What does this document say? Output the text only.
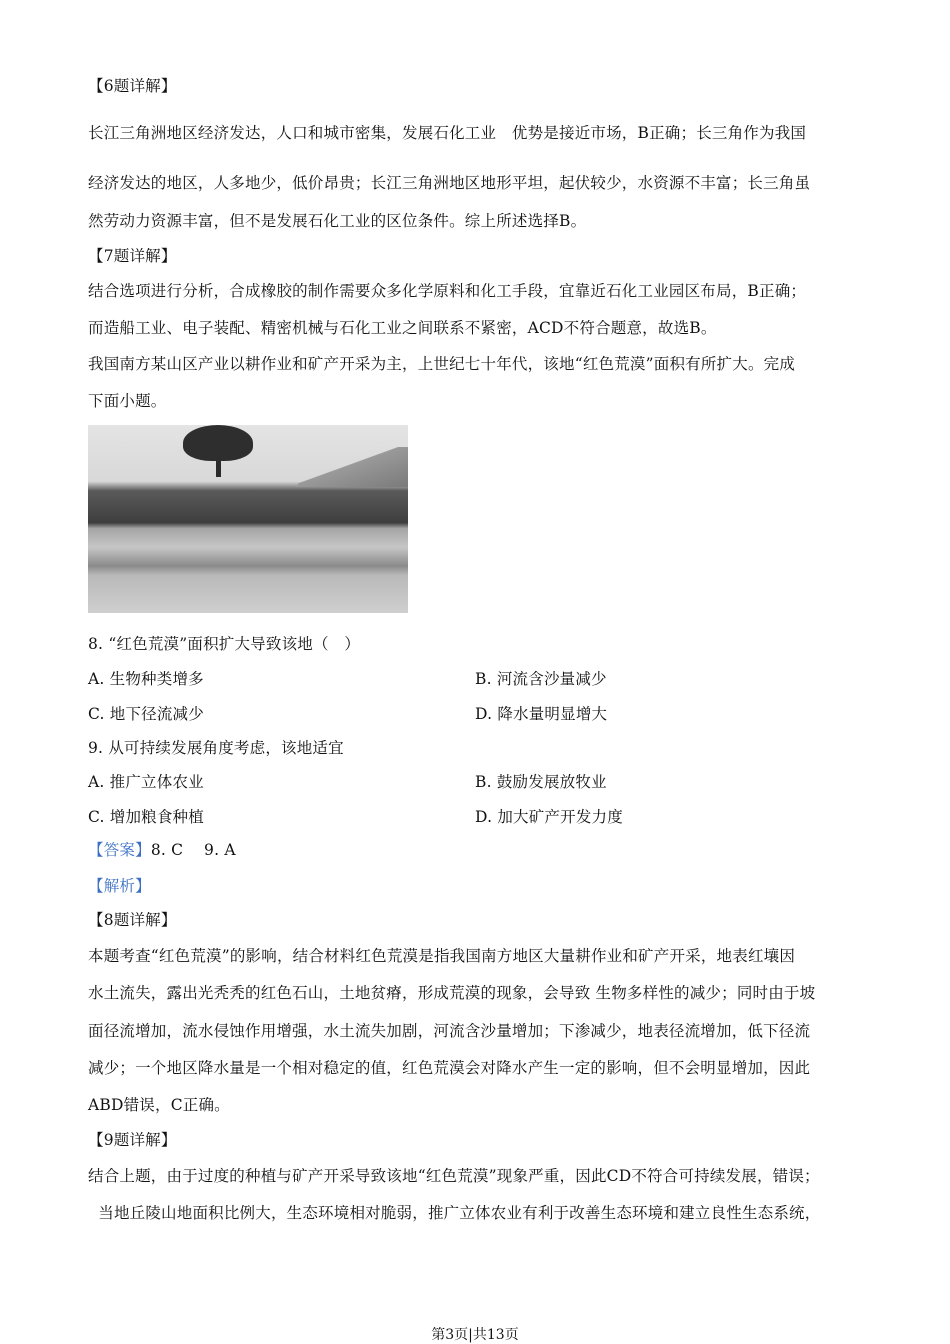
【6题详解】
长江三角洲地区经济发达，人口和城市密集，发展石化工业　优势是接近市场，B正确；长三角作为我国
经济发达的地区，人多地少，低价昂贵；长江三角洲地区地形平坦，起伏较少，水资源不丰富；长三角虽
然劳动力资源丰富，但不是发展石化工业的区位条件。综上所述选择B。
【7题详解】
结合选项进行分析，合成橡胶的制作需要众多化学原料和化工手段，宜靠近石化工业园区布局，B正确；
而造船工业、电子装配、精密机械与石化工业之间联系不紧密，ACD不符合题意，故选B。
我国南方某山区产业以耕作业和矿产开采为主，上世纪七十年代，该地“红色荒漠”面积有所扩大。完成
下面小题。
8. “红色荒漠”面积扩大导致该地（　）
A. 生物种类增多	B. 河流含沙量减少
C. 地下径流减少	D. 降水量明显增大
9. 从可持续发展角度考虑，该地适宜
A. 推广立体农业	B. 鼓励发展放牧业
C. 增加粮食种植	D. 加大矿产开发力度
【答案】8. C　 9. A
【解析】
【8题详解】
本题考查“红色荒漠”的影响，结合材料红色荒漠是指我国南方地区大量耕作业和矿产开采，地表红壤因
水土流失，露出光秃秃的红色石山，土地贫瘠，形成荒漠的现象，会导致 生物多样性的减少；同时由于坡
面径流增加，流水侵蚀作用增强，水土流失加剧，河流含沙量增加；下渗减少，地表径流增加，低下径流
减少；一个地区降水量是一个相对稳定的值，红色荒漠会对降水产生一定的影响，但不会明显增加，因此
ABD错误，C正确。
【9题详解】
结合上题，由于过度的种植与矿产开采导致该地“红色荒漠”现象严重，因此CD不符合可持续发展，错误；
当地丘陵山地面积比例大，生态环境相对脆弱，推广立体农业有利于改善生态环境和建立良性生态系统，
第3页|共13页
